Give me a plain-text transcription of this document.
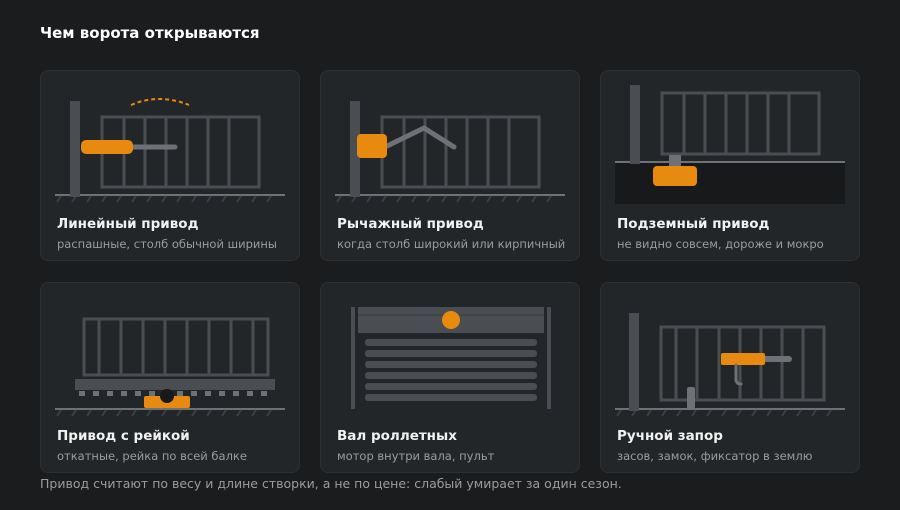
Чем ворота открываются
Линейный привод
распашные, столб обычной ширины
Рычажный привод
когда столб широкий или кирпичный
Подземный привод
не видно совсем, дороже и мокро
Привод с рейкой
откатные, рейка по всей балке
Вал роллетных
мотор внутри вала, пульт
Ручной запор
засов, замок, фиксатор в землю
Привод считают по весу и длине створки, а не по цене: слабый умирает за один сезон.
